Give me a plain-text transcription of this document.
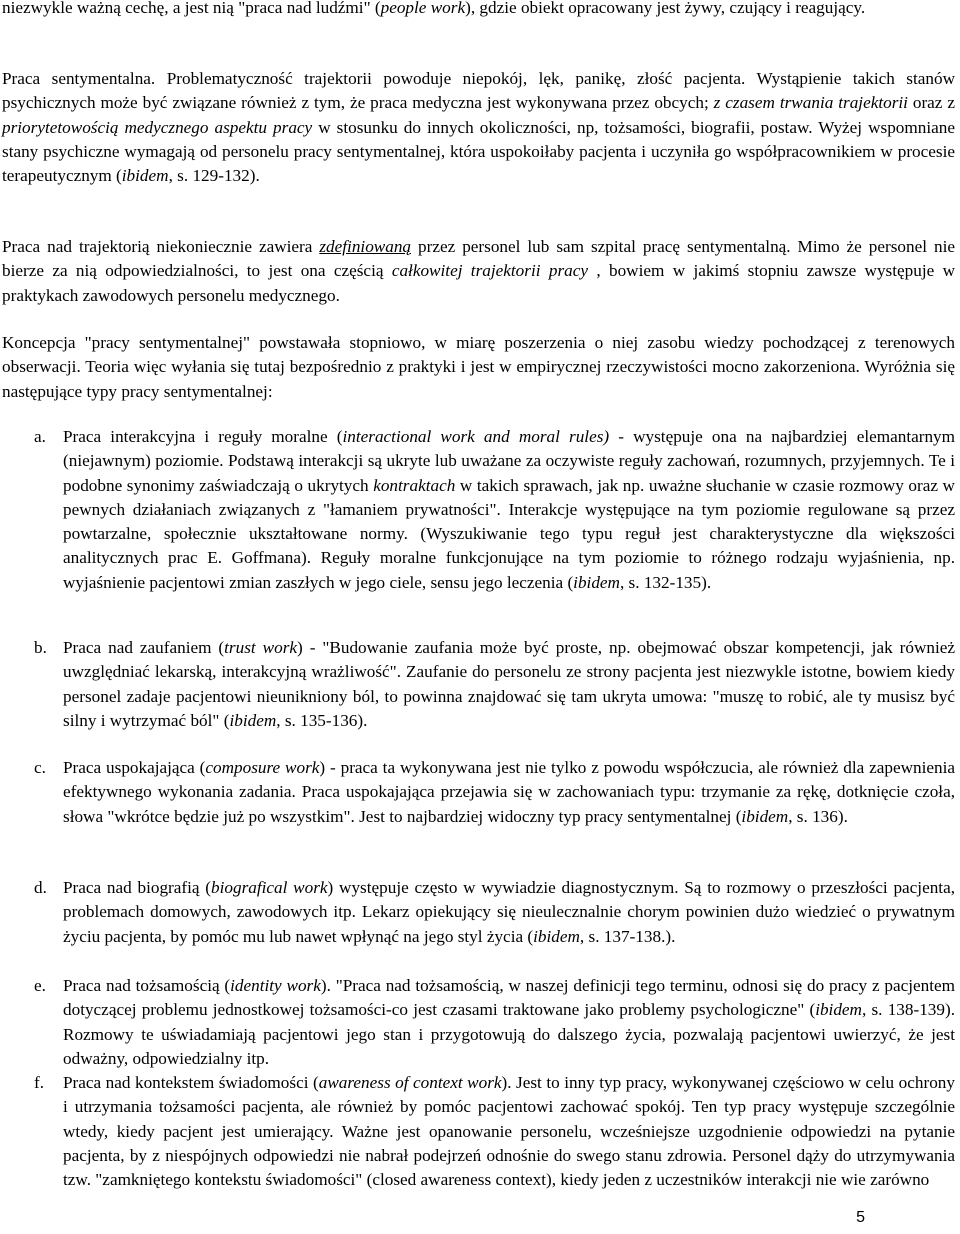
niezwykle ważną cechę, a jest nią "praca nad ludźmi" (people work), gdzie obiekt opracowany jest żywy, czujący i reagujący.

Praca sentymentalna. Problematyczność trajektorii powoduje niepokój, lęk, panikę, złość pacjenta. Wystąpienie takich stanów psychicznych może być związane również z tym, że praca medyczna jest wykonywana przez obcych; z czasem trwania trajektorii oraz z priorytetowością medycznego aspektu pracy w stosunku do innych okoliczności, np, tożsamości, biografii, postaw. Wyżej wspomniane stany psychiczne wymagają od personelu pracy sentymentalnej, która uspokoiłaby pacjenta i uczyniła go współpracownikiem w procesie terapeutycznym (ibidem, s. 129-132).

Praca nad trajektorią niekoniecznie zawiera zdefiniowaną przez personel lub sam szpital pracę sentymentalną. Mimo że personel nie bierze za nią odpowiedzialności, to jest ona częścią całkowitej trajektorii pracy , bowiem w jakimś stopniu zawsze występuje w praktykach zawodowych personelu medycznego.

Koncepcja "pracy sentymentalnej" powstawała stopniowo, w miarę poszerzenia o niej zasobu wiedzy pochodzącej z terenowych obserwacji. Teoria więc wyłania się tutaj bezpośrednio z praktyki i jest w empirycznej rzeczywistości mocno zakorzeniona. Wyróżnia się następujące typy pracy sentymentalnej:

a. Praca interakcyjna i reguły moralne (interactional work and moral rules) - występuje ona na najbardziej elemantarnym (niejawnym) poziomie. Podstawą interakcji są ukryte lub uważane za oczywiste reguły zachowań, rozumnych, przyjemnych. Te i podobne synonimy zaświadczają o ukrytych kontraktach w takich sprawach, jak np. uważne słuchanie w czasie rozmowy oraz w pewnych działaniach związanych z "łamaniem prywatności". Interakcje występujące na tym poziomie regulowane są przez powtarzalne, społecznie ukształtowane normy. (Wyszukiwanie tego typu reguł jest charakterystyczne dla większości analitycznych prac E. Goffmana). Reguły moralne funkcjonujące na tym poziomie to różnego rodzaju wyjaśnienia, np. wyjaśnienie pacjentowi zmian zaszłych w jego ciele, sensu jego leczenia (ibidem, s. 132-135).
b. Praca nad zaufaniem (trust work) - "Budowanie zaufania może być proste, np. obejmować obszar kompetencji, jak również uwzględniać lekarską, interakcyjną wrażliwość". Zaufanie do personelu ze strony pacjenta jest niezwykle istotne, bowiem kiedy personel zadaje pacjentowi nieunikniony ból, to powinna znajdować się tam ukryta umowa: "muszę to robić, ale ty musisz być silny i wytrzymać ból" (ibidem, s. 135-136).
c. Praca uspokajająca (composure work) - praca ta wykonywana jest nie tylko z powodu współczucia, ale również dla zapewnienia efektywnego wykonania zadania. Praca uspokajająca przejawia się w zachowaniach typu: trzymanie za rękę, dotknięcie czoła, słowa "wkrótce będzie już po wszystkim". Jest to najbardziej widoczny typ pracy sentymentalnej (ibidem, s. 136).
d. Praca nad biografią (biografical work) występuje często w wywiadzie diagnostycznym. Są to rozmowy o przeszłości pacjenta, problemach domowych, zawodowych itp. Lekarz opiekujący się nieulecznalnie chorym powinien dużo wiedzieć o prywatnym życiu pacjenta, by pomóc mu lub nawet wpłynąć na jego styl życia (ibidem, s. 137-138.).
e. Praca nad tożsamością (identity work). "Praca nad tożsamością, w naszej definicji tego terminu, odnosi się do pracy z pacjentem dotyczącej problemu jednostkowej tożsamości-co jest czasami traktowane jako problemy psychologiczne" (ibidem, s. 138-139). Rozmowy te uświadamiają pacjentowi jego stan i przygotowują do dalszego życia, pozwalają pacjentowi uwierzyć, że jest odważny, odpowiedzialny itp.
f. Praca nad kontekstem świadomości (awareness of context work). Jest to inny typ pracy, wykonywanej częściowo w celu ochrony i utrzymania tożsamości pacjenta, ale również by pomóc pacjentowi zachować spokój. Ten typ pracy występuje szczególnie wtedy, kiedy pacjent jest umierający. Ważne jest opanowanie personelu, wcześniejsze uzgodnienie odpowiedzi na pytanie pacjenta, by z niespójnych odpowiedzi nie nabrał podejrzeń odnośnie do swego stanu zdrowia. Personel dąży do utrzymywania tzw. "zamkniętego kontekstu świadomości" (closed awareness context), kiedy jeden z uczestników interakcji nie wie zarówno
5
